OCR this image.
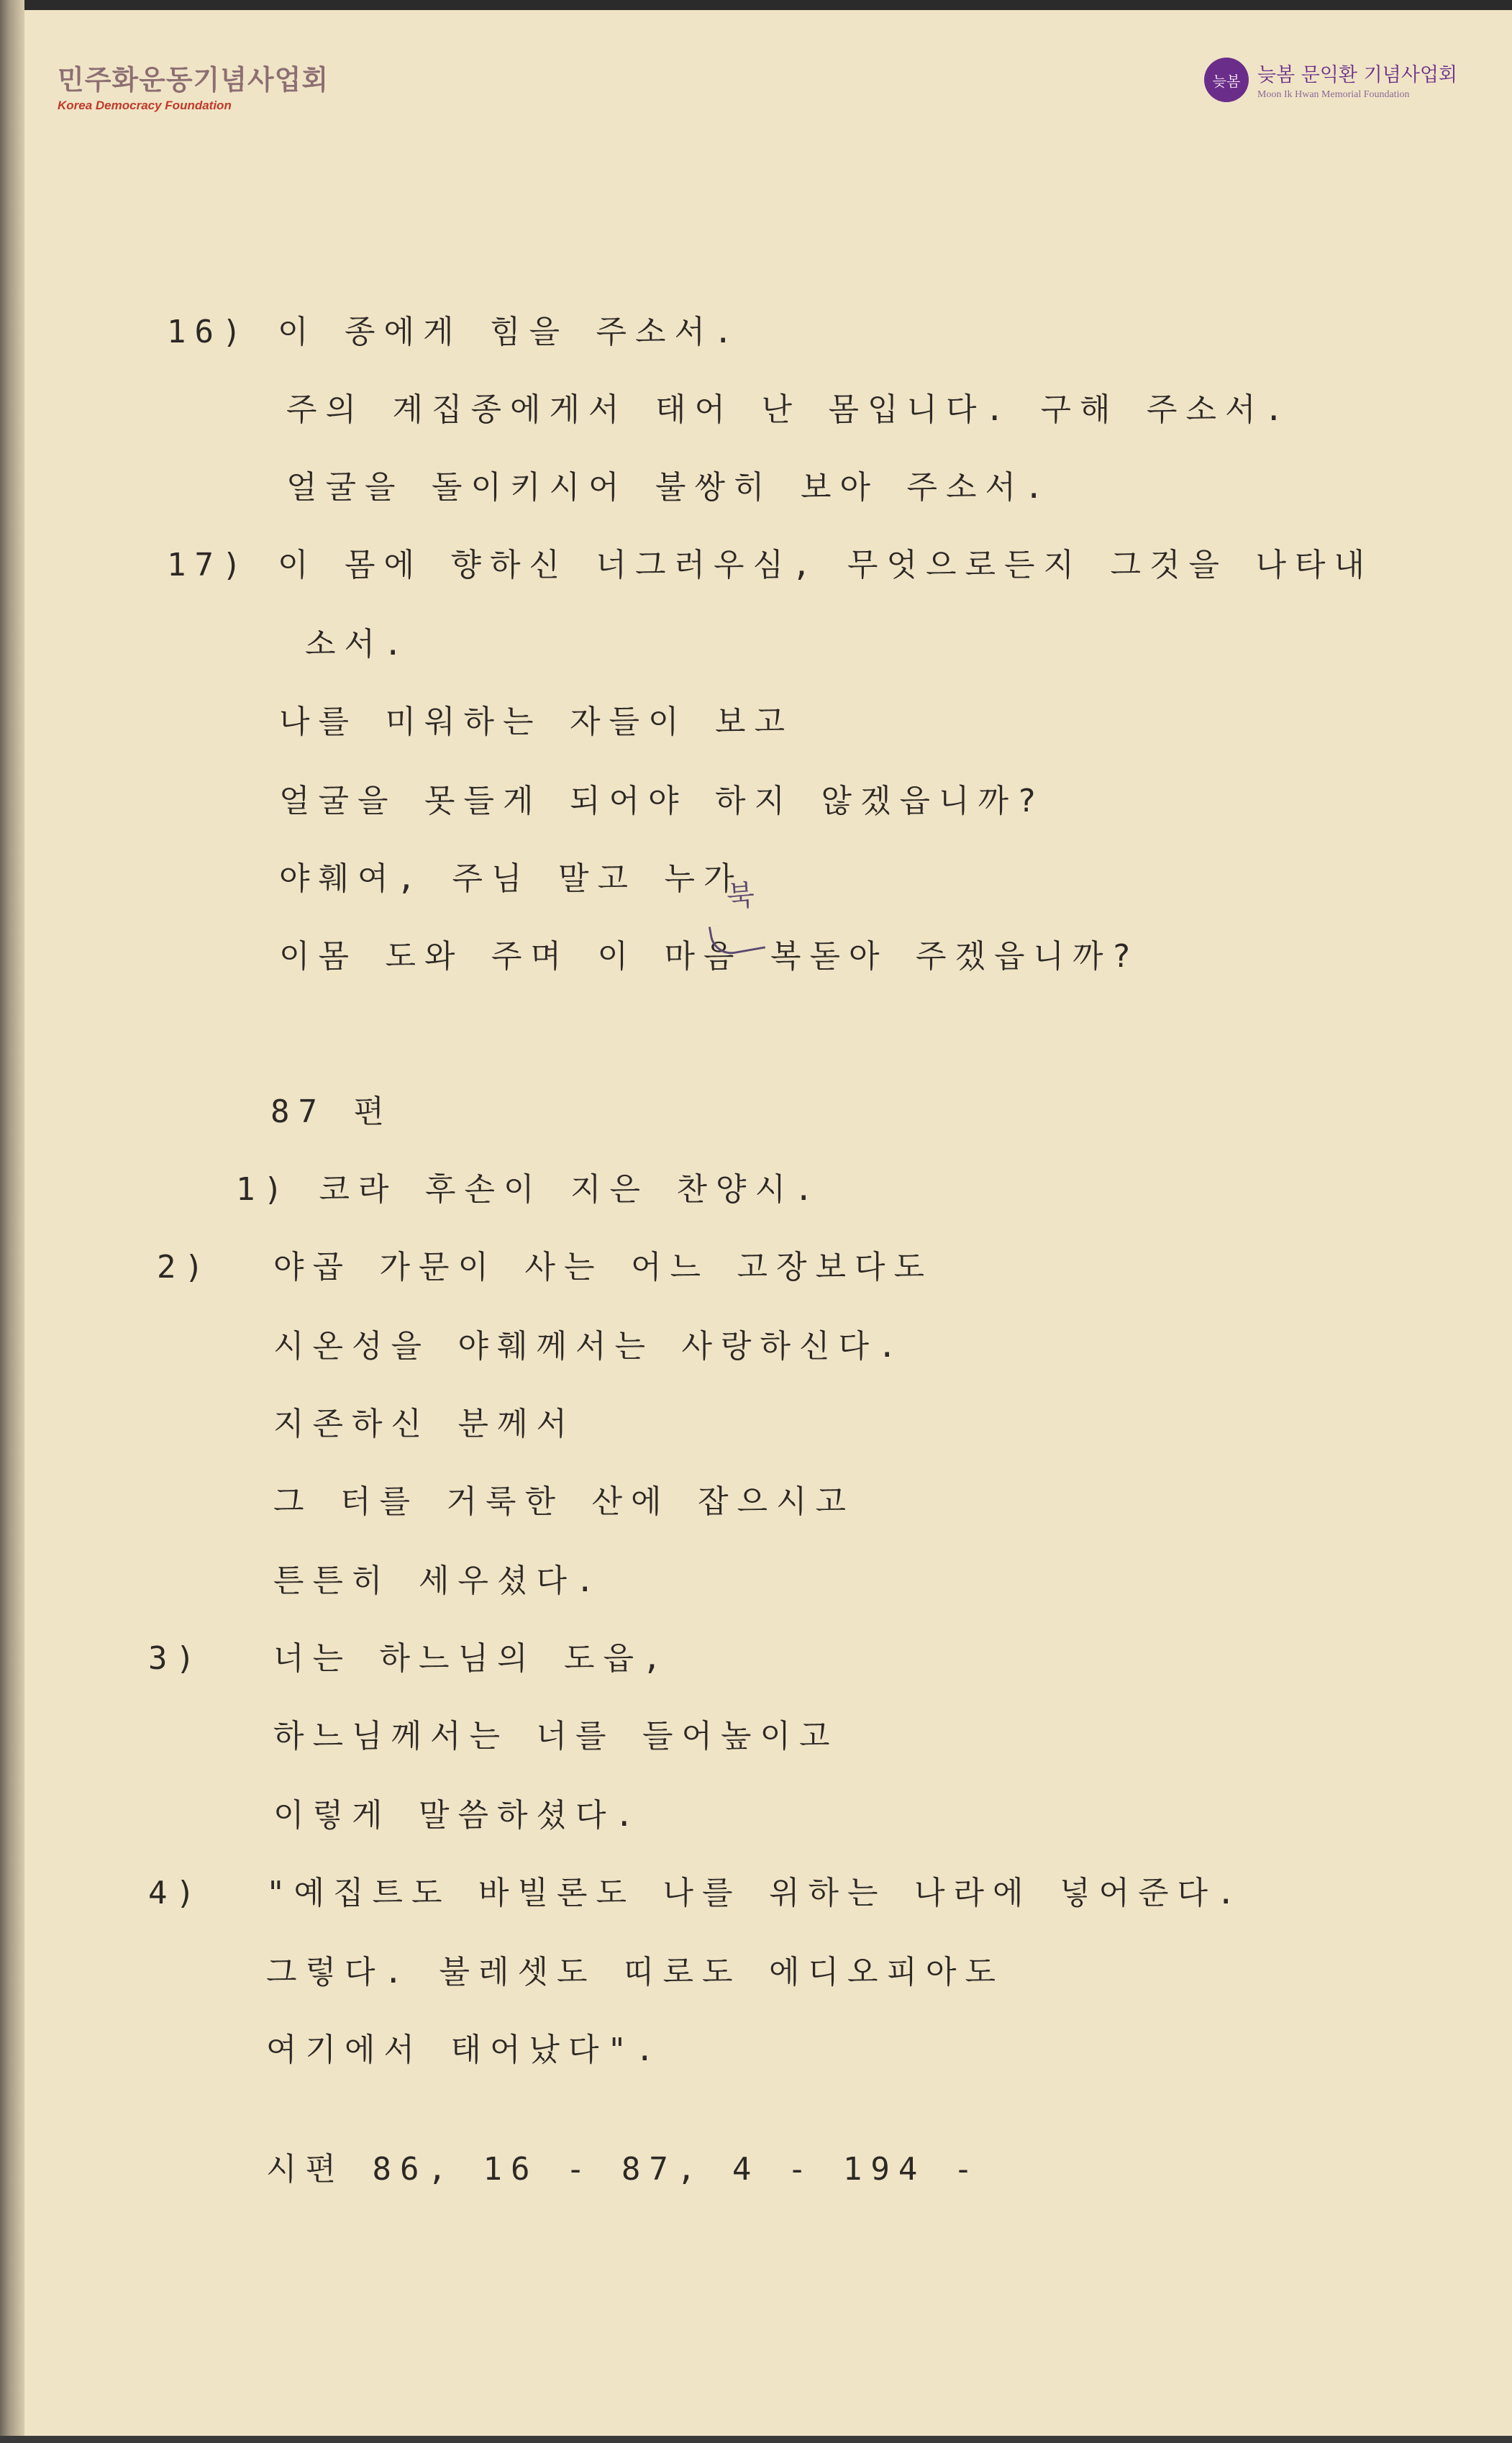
민주화운동기념사업회
Korea Democracy Foundation
늦봄 늦봄 문익환 기념사업회
Moon Ik Hwan Memorial Foundation
16) 이 종에게 힘을 주소서.
주의 계집종에게서 태어 난 몸입니다. 구해 주소서.
얼굴을 돌이키시어 불쌍히 보아 주소서.
17) 이 몸에 향하신 너그러우심, 무엇으로든지 그것을 나타내
소서.
나를 미워하는 자들이 보고
얼굴을 못들게 되어야 하지 않겠읍니까?
야훼여, 주님 말고 누가
이몸 도와 주며 이 마음 복돋아 주겠읍니까?
북
87 편
1) 코라 후손이 지은 찬양시.
2) 야곱 가문이 사는 어느 고장보다도
시온성을 야훼께서는 사랑하신다.
지존하신 분께서
그 터를 거룩한 산에 잡으시고
튼튼히 세우셨다.
3) 너는 하느님의 도읍,
하느님께서는 너를 들어높이고
이렇게 말씀하셨다.
4) "예집트도 바빌론도 나를 위하는 나라에 넣어준다.
그렇다. 불레셋도 띠로도 에디오피아도
여기에서 태어났다".
시편 86, 16 - 87, 4 - 194 -
